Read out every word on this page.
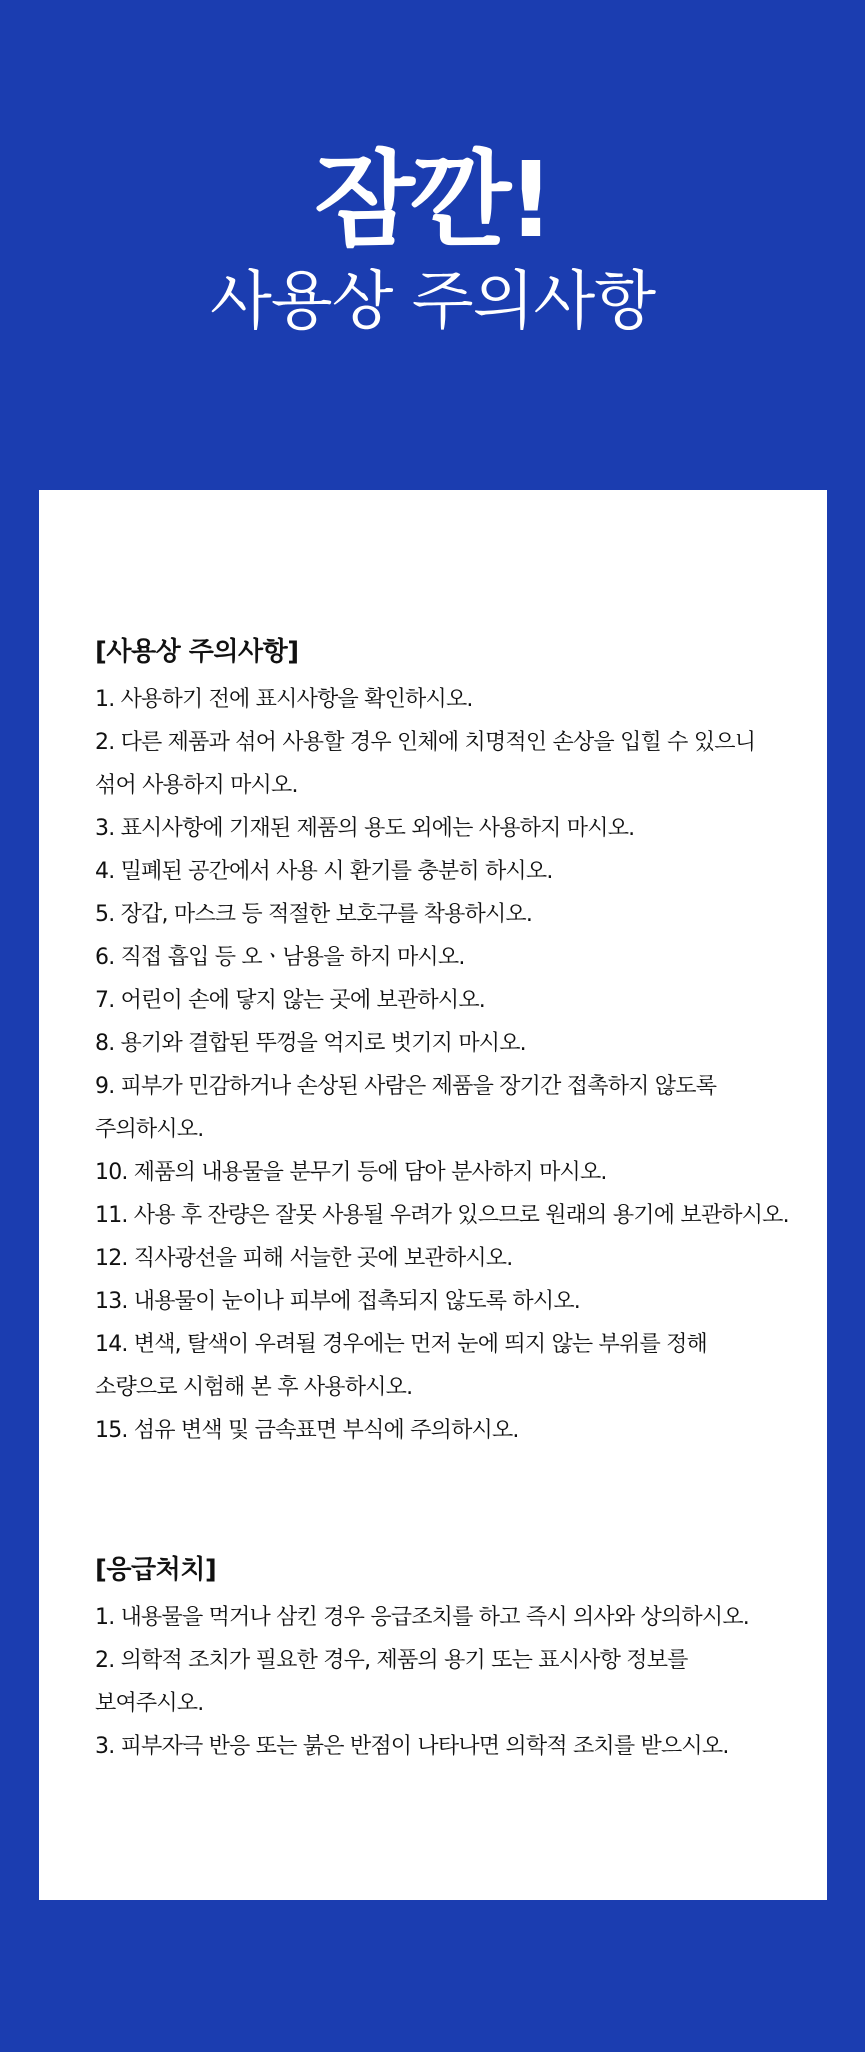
잠깐!
사용상 주의사항
[사용상 주의사항]
1. 사용하기 전에 표시사항을 확인하시오.
2. 다른 제품과 섞어 사용할 경우 인체에 치명적인 손상을 입힐 수 있으니
섞어 사용하지 마시오.
3. 표시사항에 기재된 제품의 용도 외에는 사용하지 마시오.
4. 밀폐된 공간에서 사용 시 환기를 충분히 하시오.
5. 장갑, 마스크 등 적절한 보호구를 착용하시오.
6. 직접 흡입 등 오ㆍ남용을 하지 마시오.
7. 어린이 손에 닿지 않는 곳에 보관하시오.
8. 용기와 결합된 뚜껑을 억지로 벗기지 마시오.
9. 피부가 민감하거나 손상된 사람은 제품을 장기간 접촉하지 않도록
주의하시오.
10. 제품의 내용물을 분무기 등에 담아 분사하지 마시오.
11. 사용 후 잔량은 잘못 사용될 우려가 있으므로 원래의 용기에 보관하시오.
12. 직사광선을 피해 서늘한 곳에 보관하시오.
13. 내용물이 눈이나 피부에 접촉되지 않도록 하시오.
14. 변색, 탈색이 우려될 경우에는 먼저 눈에 띄지 않는 부위를 정해
소량으로 시험해 본 후 사용하시오.
15. 섬유 변색 및 금속표면 부식에 주의하시오.
[응급처치]
1. 내용물을 먹거나 삼킨 경우 응급조치를 하고 즉시 의사와 상의하시오.
2. 의학적 조치가 필요한 경우, 제품의 용기 또는 표시사항 정보를
보여주시오.
3. 피부자극 반응 또는 붉은 반점이 나타나면 의학적 조치를 받으시오.
